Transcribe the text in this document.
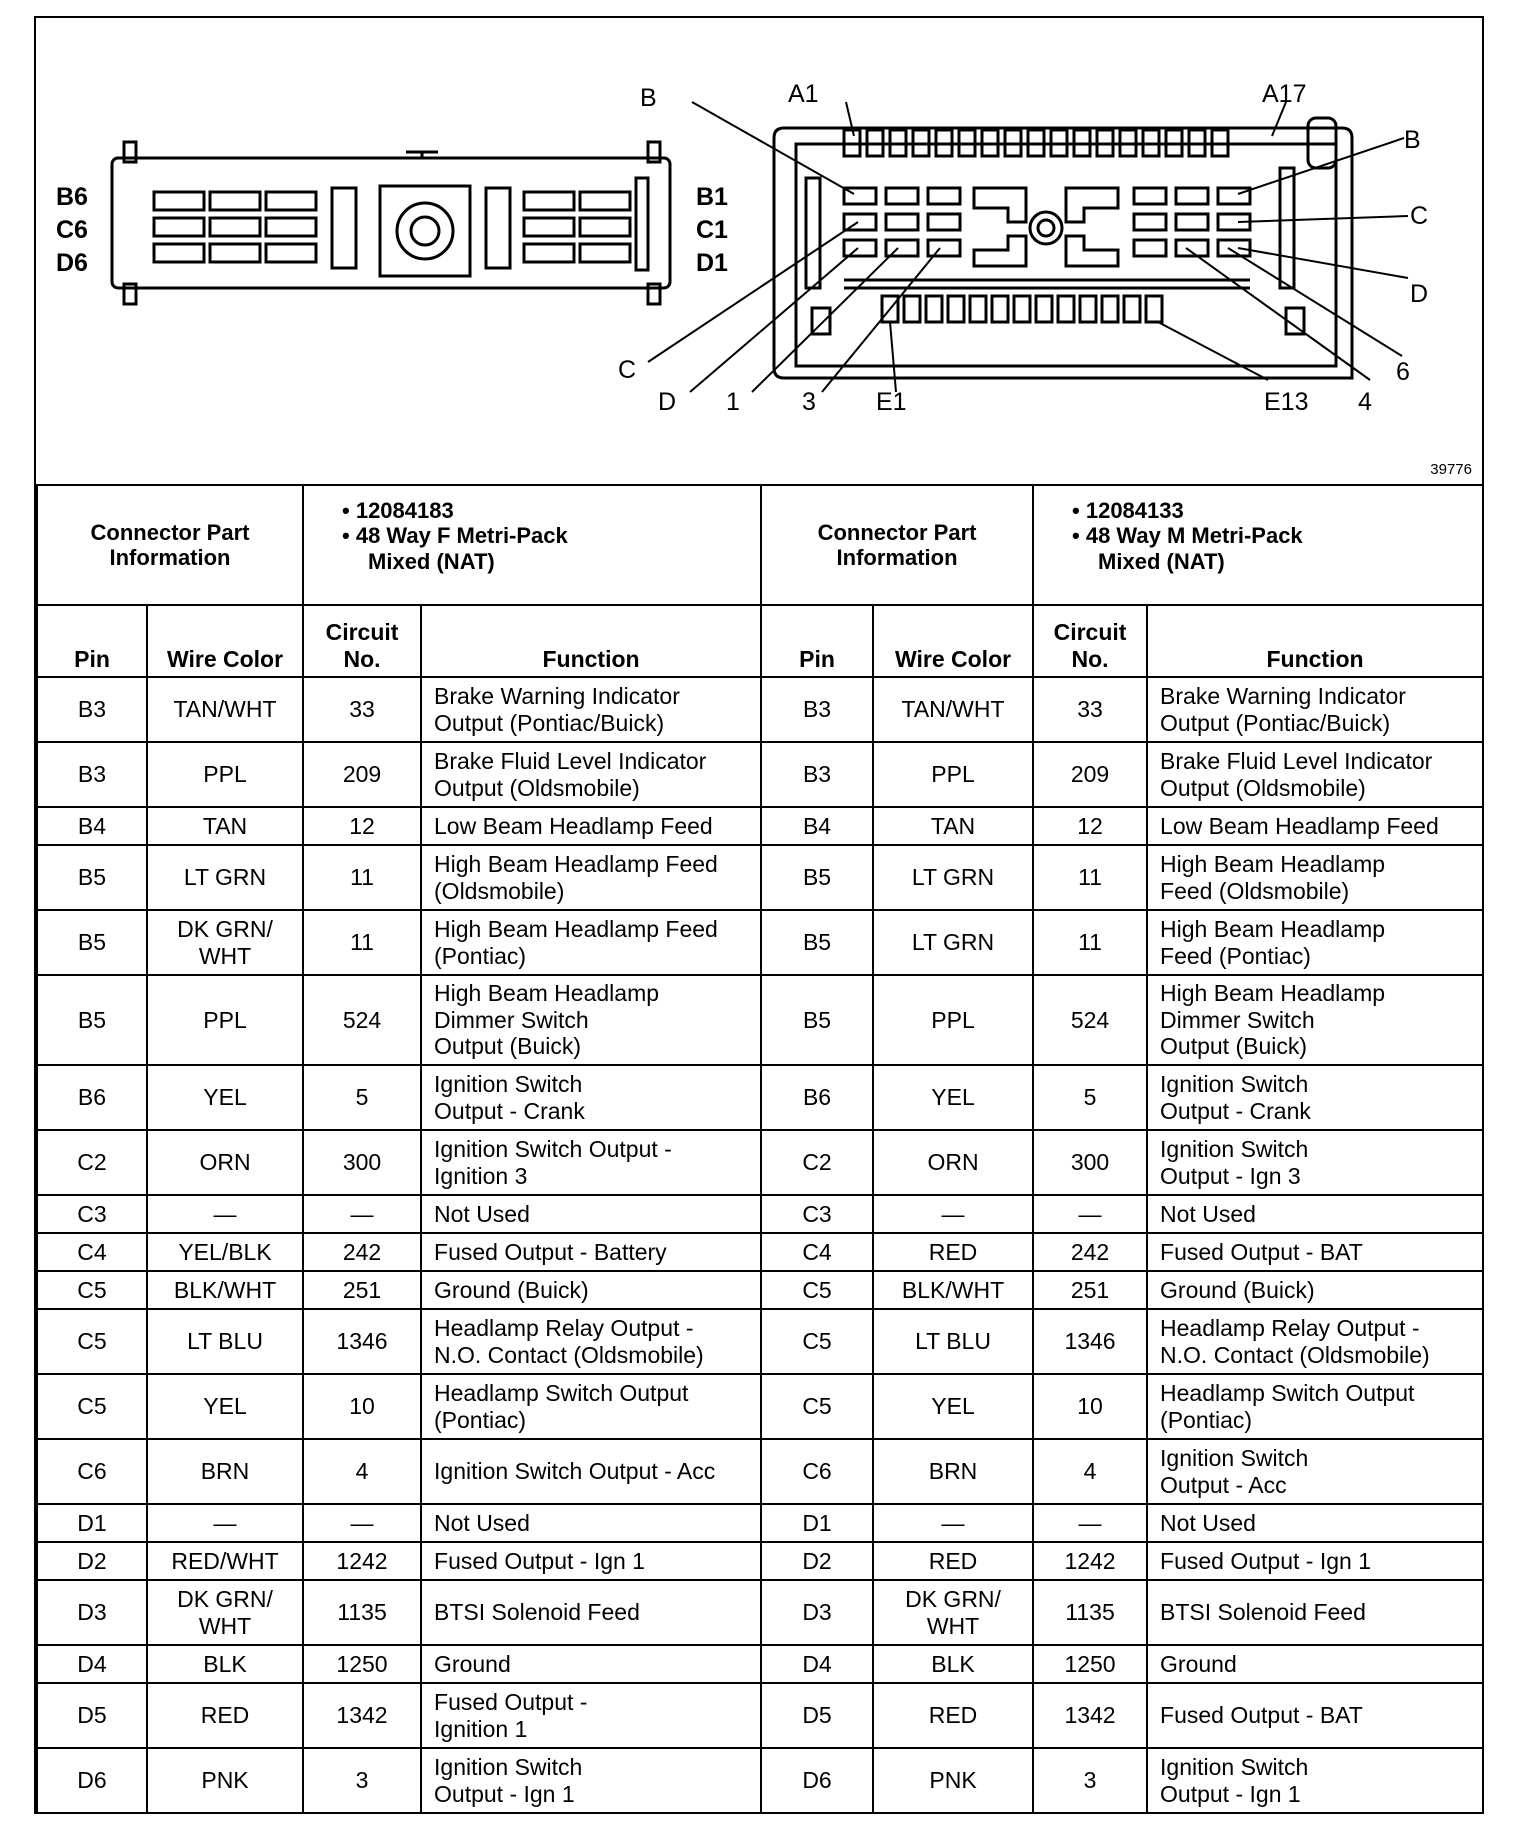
B6
C6
D6
B1
C1
D1
A1	A17
B
B
C
C
D
D
1 3 E1	E13 4
6
39776
Connector Part
Information		• 12084183
• 48 Way F Metri-Pack
Mixed (NAT)		Connector Part
Information		• 12084133
• 48 Way M Metri-Pack
Mixed (NAT)	

Pin	Wire Color	Circuit
No.	Function	Pin	Wire Color	Circuit
No.	Function
B3	TAN/WHT	33	Brake Warning Indicator
Output (Pontiac/Buick)	B3	TAN/WHT	33	Brake Warning Indicator
Output (Pontiac/Buick)

B3	PPL	209	Brake Fluid Level Indicator
Output (Oldsmobile)	B3	PPL	209	Brake Fluid Level Indicator
Output (Oldsmobile)

B4	TAN	12	Low Beam Headlamp Feed	B4	TAN	12	Low Beam Headlamp Feed

B5	LT GRN	11	High Beam Headlamp Feed
(Oldsmobile)	B5	LT GRN	11	High Beam Headlamp
Feed (Oldsmobile)

B5	DK GRN/
WHT	11	High Beam Headlamp Feed
(Pontiac)	B5	LT GRN	11	High Beam Headlamp
Feed (Pontiac)

B5	PPL	524	High Beam Headlamp
Dimmer Switch
Output (Buick)	B5	PPL	524	High Beam Headlamp
Dimmer Switch
Output (Buick)

B6	YEL	5	Ignition Switch
Output - Crank	B6	YEL	5	Ignition Switch
Output - Crank

C2	ORN	300	Ignition Switch Output -
Ignition 3	C2	ORN	300	Ignition Switch
Output - Ign 3

C3	—	—	Not Used	C3	—	—	Not Used

C4	YEL/BLK	242	Fused Output - Battery	C4	RED	242	Fused Output - BAT

C5	BLK/WHT	251	Ground (Buick)	C5	BLK/WHT	251	Ground (Buick)

C5	LT BLU	1346	Headlamp Relay Output -
N.O. Contact (Oldsmobile)	C5	LT BLU	1346	Headlamp Relay Output -
N.O. Contact (Oldsmobile)

C5	YEL	10	Headlamp Switch Output
(Pontiac)	C5	YEL	10	Headlamp Switch Output
(Pontiac)

C6	BRN	4	Ignition Switch Output - Acc	C6	BRN	4	Ignition Switch
Output - Acc

D1	—	—	Not Used	D1	—	—	Not Used

D2	RED/WHT	1242	Fused Output - Ign 1	D2	RED	1242	Fused Output - Ign 1

D3	DK GRN/
WHT	1135	BTSI Solenoid Feed	D3	DK GRN/
WHT	1135	BTSI Solenoid Feed

D4	BLK	1250	Ground	D4	BLK	1250	Ground

D5	RED	1342	Fused Output -
Ignition 1	D5	RED	1342	Fused Output - BAT

D6	PNK	3	Ignition Switch
Output - Ign 1	D6	PNK	3	Ignition Switch
Output - Ign 1
